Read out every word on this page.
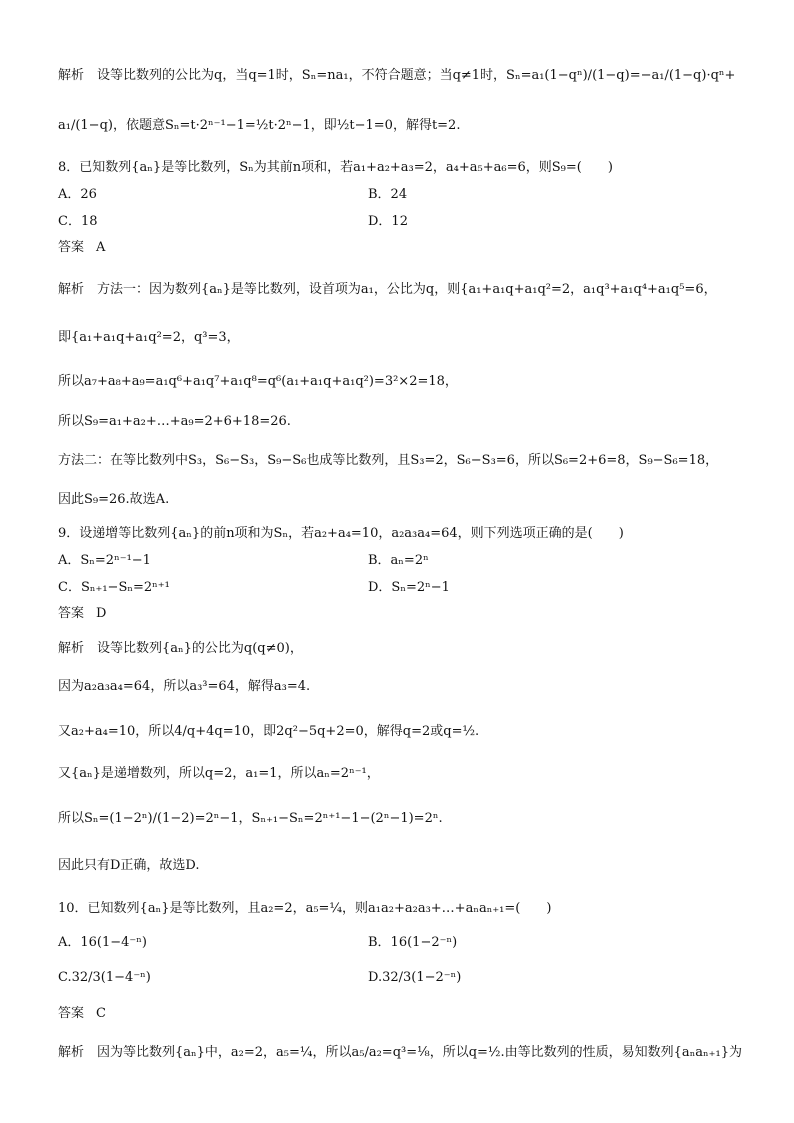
解析　设等比数列的公比为q，当q=1时，Sₙ=na₁，不符合题意；当q≠1时，Sₙ=a₁(1−qⁿ)/(1−q)=−a₁/(1−q)·qⁿ+
a₁/(1−q)，依题意Sₙ=t·2ⁿ⁻¹−1=½t·2ⁿ−1，即½t−1=0，解得t=2.
8．已知数列{aₙ}是等比数列，Sₙ为其前n项和，若a₁+a₂+a₃=2，a₄+a₅+a₆=6，则S₉=(　　)
A．26	B．24
C．18	D．12
答案 A
解析　方法一：因为数列{aₙ}是等比数列，设首项为a₁，公比为q，则{a₁+a₁q+a₁q²=2，a₁q³+a₁q⁴+a₁q⁵=6，
即{a₁+a₁q+a₁q²=2，q³=3，
所以a₇+a₈+a₉=a₁q⁶+a₁q⁷+a₁q⁸=q⁶(a₁+a₁q+a₁q²)=3²×2=18，
所以S₉=a₁+a₂+…+a₉=2+6+18=26.
方法二：在等比数列中S₃，S₆−S₃，S₉−S₆也成等比数列，且S₃=2，S₆−S₃=6，所以S₆=2+6=8，S₉−S₆=18，
因此S₉=26.故选A.
9．设递增等比数列{aₙ}的前n项和为Sₙ，若a₂+a₄=10，a₂a₃a₄=64，则下列选项正确的是(　　)
A．Sₙ=2ⁿ⁻¹−1	B．aₙ=2ⁿ
C．Sₙ₊₁−Sₙ=2ⁿ⁺¹	D．Sₙ=2ⁿ−1
答案 D
解析　设等比数列{aₙ}的公比为q(q≠0)，
因为a₂a₃a₄=64，所以a₃³=64，解得a₃=4.
又a₂+a₄=10，所以4/q+4q=10，即2q²−5q+2=0，解得q=2或q=½.
又{aₙ}是递增数列，所以q=2，a₁=1，所以aₙ=2ⁿ⁻¹，
所以Sₙ=(1−2ⁿ)/(1−2)=2ⁿ−1，Sₙ₊₁−Sₙ=2ⁿ⁺¹−1−(2ⁿ−1)=2ⁿ.
因此只有D正确，故选D.
10．已知数列{aₙ}是等比数列，且a₂=2，a₅=¼，则a₁a₂+a₂a₃+…+aₙaₙ₊₁=(　　)
A．16(1−4⁻ⁿ)	B．16(1−2⁻ⁿ)
C.32/3(1−4⁻ⁿ)	D.32/3(1−2⁻ⁿ)
答案 C
解析　因为等比数列{aₙ}中，a₂=2，a₅=¼，所以a₅/a₂=q³=⅛，所以q=½.由等比数列的性质，易知数列{aₙaₙ₊₁}为
